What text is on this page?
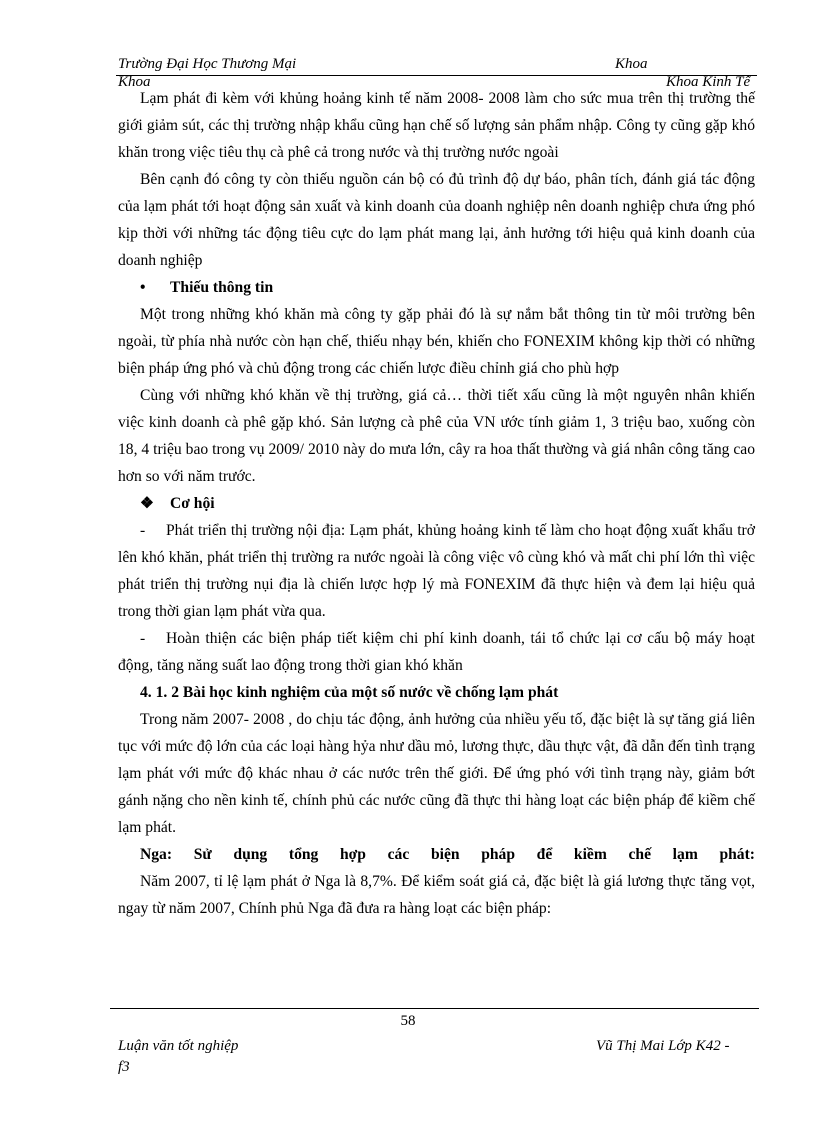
Trường Đại Học Thương Mại
Khoa
Khoa
Khoa Kinh Tế

Lạm phát đi kèm với khủng hoảng kinh tế năm 2008- 2008 làm cho sức mua trên thị trường thế giới giảm sút, các thị trường nhập khẩu cũng hạn chế số lượng sản phẩm nhập. Công ty cũng gặp khó khăn trong việc tiêu thụ cà phê cả trong nước và thị trường nước ngoài

Bên cạnh đó công ty còn thiếu nguồn cán bộ có đủ trình độ dự báo, phân tích, đánh giá tác động của lạm phát tới hoạt động sản xuất và kinh doanh của doanh nghiệp nên doanh nghiệp chưa ứng phó kịp thời với những tác động tiêu cực do lạm phát mang lại, ảnh hưởng tới hiệu quả kinh doanh của doanh nghiệp

•	Thiếu thông tin

Một trong những khó khăn mà công ty gặp phải đó là sự nắm bắt thông tin từ môi trường bên ngoài, từ phía nhà nước còn hạn chế, thiếu nhạy bén, khiến cho FONEXIM không kịp thời có những biện pháp ứng phó và chủ động trong các chiến lược điều chỉnh giá cho phù hợp

Cùng với những khó khăn về thị trường, giá cả… thời tiết xấu cũng là một nguyên nhân khiến việc kinh doanh cà phê gặp khó. Sản lượng cà phê của VN ước tính giảm 1, 3 triệu bao, xuống còn 18, 4 triệu bao trong vụ 2009/ 2010 này do mưa lớn, cây ra hoa thất thường và giá nhân công tăng cao hơn so với năm trước.

❖	Cơ hội

- Phát triển thị trường nội địa: Lạm phát, khủng hoảng kinh tế làm cho hoạt động xuất khẩu trở lên khó khăn, phát triển thị trường ra nước ngoài là công việc vô cùng khó và mất chi phí lớn thì việc phát triển thị trường nụi địa là chiến lược hợp lý mà FONEXIM đã thực hiện và đem lại hiệu quả trong thời gian lạm phát vừa qua.

- Hoàn thiện các biện pháp tiết kiệm chi phí kinh doanh, tái tổ chức lại cơ cấu bộ máy hoạt động, tăng năng suất lao động trong thời gian khó khăn

4. 1. 2 Bài học kinh nghiệm của một số nước về chống lạm phát

Trong năm 2007- 2008 , do chịu tác động, ảnh hưởng của nhiều yếu tố, đặc biệt là sự tăng giá liên tục với mức độ lớn của các loại hàng hỷa như dầu mỏ, lương thực, dầu thực vật, đã dẫn đến tình trạng lạm phát với mức độ khác nhau ở các nước trên thế giới. Để ứng phó với tình trạng này, giảm bớt gánh nặng cho nền kinh tế, chính phủ các nước cũng đã thực thi hàng loạt các biện pháp để kiềm chế lạm phát.

Nga: Sử dụng tổng hợp các biện pháp để kiềm chế lạm phát:

Năm 2007, tỉ lệ lạm phát ở Nga là 8,7%. Để kiểm soát giá cả, đặc biệt là giá lương thực tăng vọt, ngay từ năm 2007, Chính phủ Nga đã đưa ra hàng loạt các biện pháp:

58
Luận văn tốt nghiệp
f3
Vũ Thị Mai Lớp K42 -
